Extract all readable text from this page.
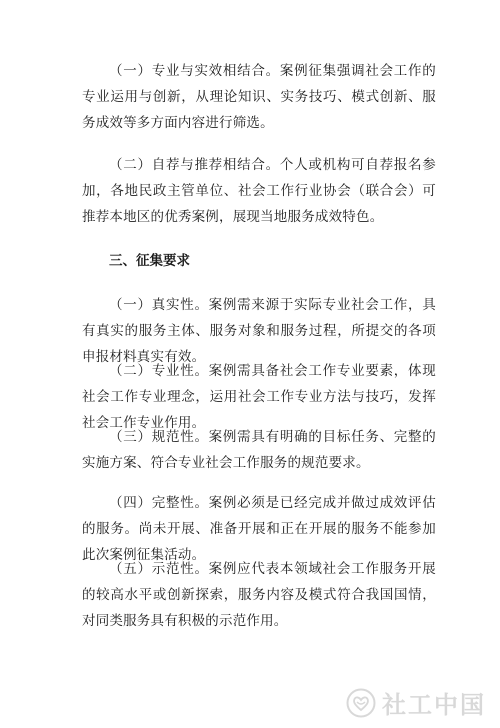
（一）专业与实效相结合。案例征集强调社会工作的专业运用与创新，从理论知识、实务技巧、模式创新、服务成效等多方面内容进行筛选。
（二）自荐与推荐相结合。个人或机构可自荐报名参加，各地民政主管单位、社会工作行业协会（联合会）可推荐本地区的优秀案例，展现当地服务成效特色。
三、征集要求
（一）真实性。案例需来源于实际专业社会工作，具有真实的服务主体、服务对象和服务过程，所提交的各项申报材料真实有效。
（二）专业性。案例需具备社会工作专业要素，体现社会工作专业理念，运用社会工作专业方法与技巧，发挥社会工作专业作用。
（三）规范性。案例需具有明确的目标任务、完整的实施方案、符合专业社会工作服务的规范要求。
（四）完整性。案例必须是已经完成并做过成效评估的服务。尚未开展、准备开展和正在开展的服务不能参加此次案例征集活动。
（五）示范性。案例应代表本领域社会工作服务开展的较高水平或创新探索，服务内容及模式符合我国国情，对同类服务具有积极的示范作用。
社工中国
